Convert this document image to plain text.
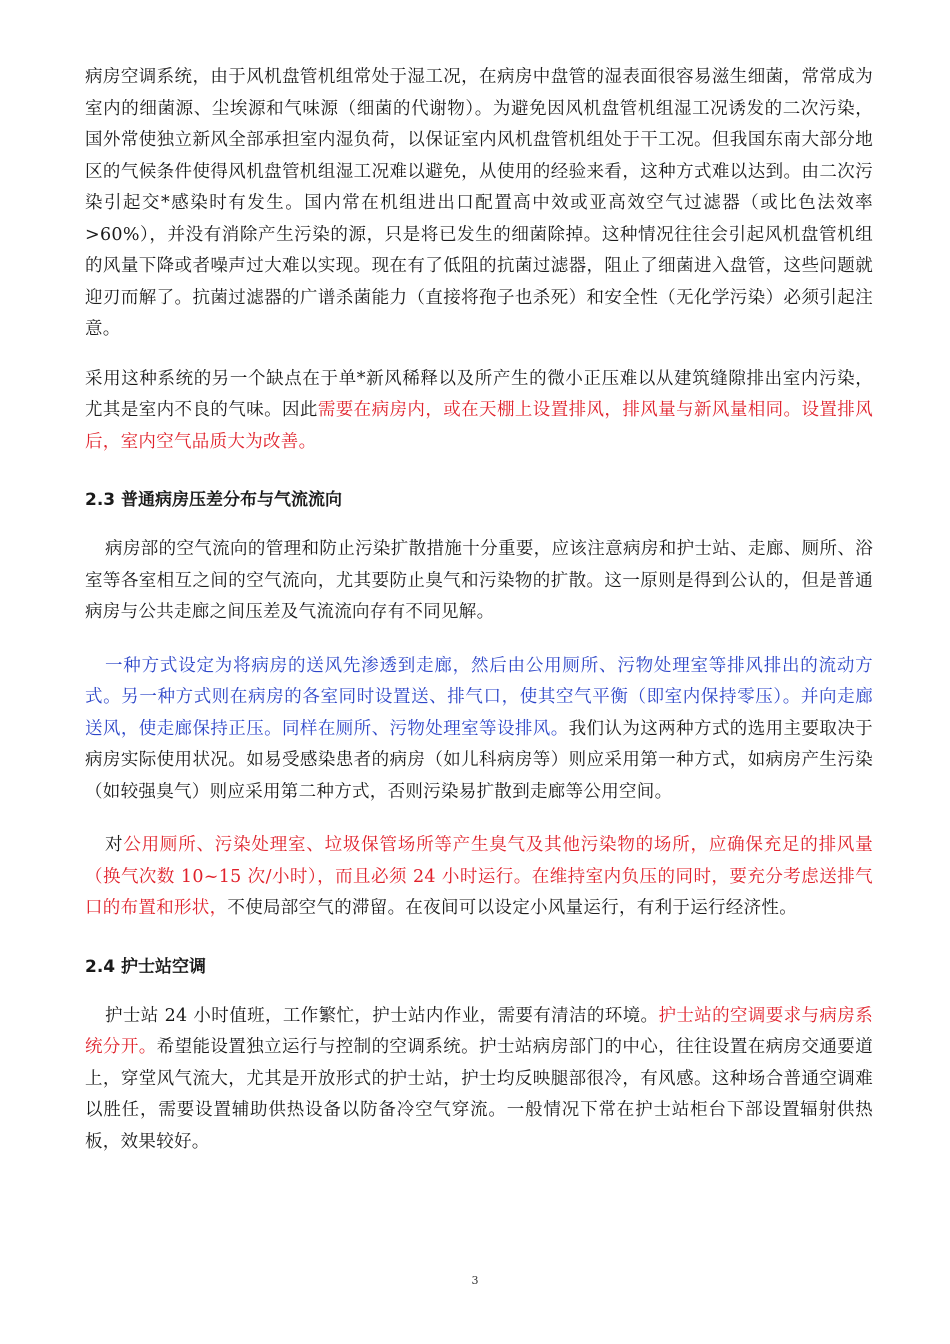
病房空调系统，由于风机盘管机组常处于湿工况，在病房中盘管的湿表面很容易滋生细菌，常常成为室内的细菌源、尘埃源和气味源（细菌的代谢物）。为避免因风机盘管机组湿工况诱发的二次污染，国外常使独立新风全部承担室内湿负荷，以保证室内风机盘管机组处于干工况。但我国东南大部分地区的气候条件使得风机盘管机组湿工况难以避免，从使用的经验来看，这种方式难以达到。由二次污染引起交*感染时有发生。国内常在机组进出口配置高中效或亚高效空气过滤器（或比色法效率>60%），并没有消除产生污染的源，只是将已发生的细菌除掉。这种情况往往会引起风机盘管机组的风量下降或者噪声过大难以实现。现在有了低阻的抗菌过滤器，阻止了细菌进入盘管，这些问题就迎刃而解了。抗菌过滤器的广谱杀菌能力（直接将孢子也杀死）和安全性（无化学污染）必须引起注意。

采用这种系统的另一个缺点在于单*新风稀释以及所产生的微小正压难以从建筑缝隙排出室内污染，尤其是室内不良的气味。因此需要在病房内，或在天棚上设置排风，排风量与新风量相同。设置排风后，室内空气品质大为改善。

2.3 普通病房压差分布与气流流向

病房部的空气流向的管理和防止污染扩散措施十分重要，应该注意病房和护士站、走廊、厕所、浴室等各室相互之间的空气流向，尤其要防止臭气和污染物的扩散。这一原则是得到公认的，但是普通病房与公共走廊之间压差及气流流向存有不同见解。

一种方式设定为将病房的送风先渗透到走廊，然后由公用厕所、污物处理室等排风排出的流动方式。另一种方式则在病房的各室同时设置送、排气口，使其空气平衡（即室内保持零压）。并向走廊送风，使走廊保持正压。同样在厕所、污物处理室等设排风。我们认为这两种方式的选用主要取决于病房实际使用状况。如易受感染患者的病房（如儿科病房等）则应采用第一种方式，如病房产生污染（如较强臭气）则应采用第二种方式，否则污染易扩散到走廊等公用空间。

对公用厕所、污染处理室、垃圾保管场所等产生臭气及其他污染物的场所，应确保充足的排风量（换气次数 10~15 次/小时），而且必须 24 小时运行。在维持室内负压的同时，要充分考虑送排气口的布置和形状，不使局部空气的滞留。在夜间可以设定小风量运行，有利于运行经济性。

2.4 护士站空调

护士站 24 小时值班，工作繁忙，护士站内作业，需要有清洁的环境。护士站的空调要求与病房系统分开。希望能设置独立运行与控制的空调系统。护士站病房部门的中心，往往设置在病房交通要道上，穿堂风气流大，尤其是开放形式的护士站，护士均反映腿部很冷，有风感。这种场合普通空调难以胜任，需要设置辅助供热设备以防备冷空气穿流。一般情况下常在护士站柜台下部设置辐射供热板，效果较好。

3
